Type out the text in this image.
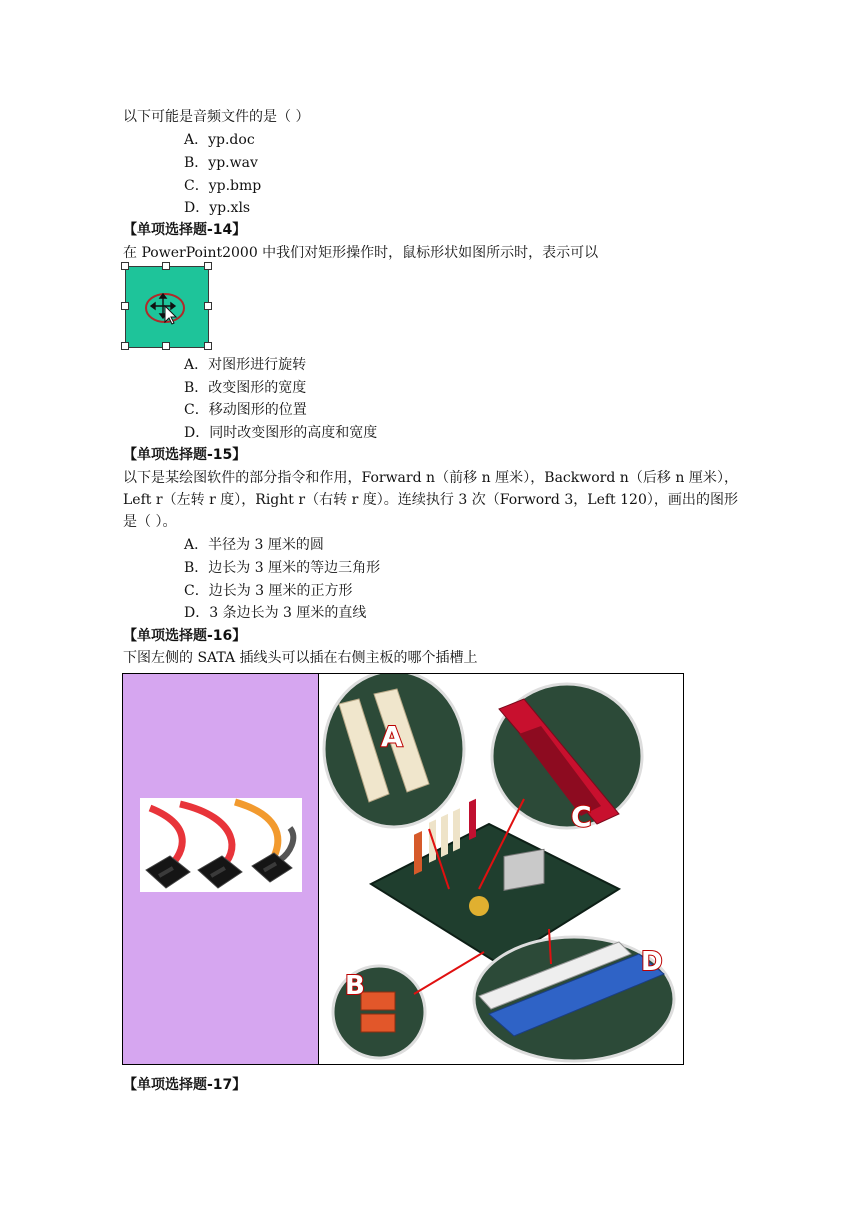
以下可能是音频文件的是（ ）
A．yp.doc
B．yp.wav
C．yp.bmp
D．yp.xls
【单项选择题-14】
在 PowerPoint2000 中我们对矩形操作时，鼠标形状如图所示时，表示可以
A．对图形进行旋转
B．改变图形的宽度
C．移动图形的位置
D．同时改变图形的高度和宽度
【单项选择题-15】
以下是某绘图软件的部分指令和作用，Forward n（前移 n 厘米），Backword n（后移 n 厘米），Left r（左转 r 度），Right r（右转 r 度）。连续执行 3 次（Forword 3，Left 120），画出的图形是（ ）。
A．半径为 3 厘米的圆
B．边长为 3 厘米的等边三角形
C．边长为 3 厘米的正方形
D．3 条边长为 3 厘米的直线
【单项选择题-16】
下图左侧的 SATA 插线头可以插在右侧主板的哪个插槽上
A
C
B
D
【单项选择题-17】
